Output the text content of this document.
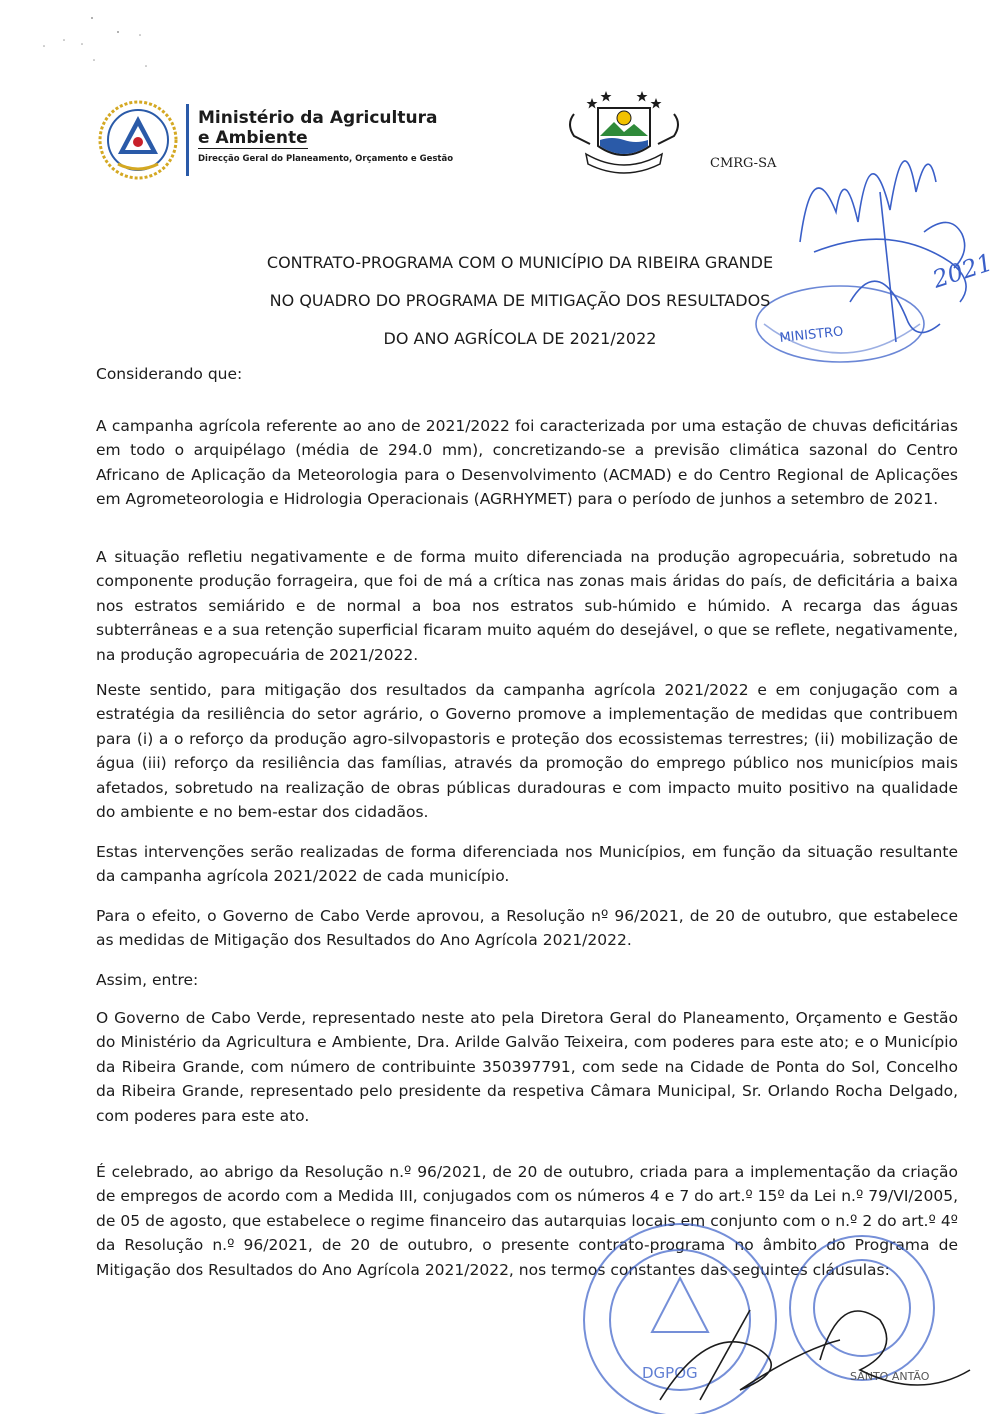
Ministério da Agricultura
e Ambiente
Direcção Geral do Planeamento, Orçamento e Gestão	CMRG-SA
MINISTRO
2021
CONTRATO-PROGRAMA COM O MUNICÍPIO DA RIBEIRA GRANDE
NO QUADRO DO PROGRAMA DE MITIGAÇÃO DOS RESULTADOS
DO ANO AGRÍCOLA DE 2021/2022

Considerando que:

A campanha agrícola referente ao ano de 2021/2022 foi caracterizada por uma estação de chuvas deficitárias em todo o arquipélago (média de 294.0 mm), concretizando-se a previsão climática sazonal do Centro Africano de Aplicação da Meteorologia para o Desenvolvimento (ACMAD) e do Centro Regional de Aplicações em Agrometeorologia e Hidrologia Operacionais (AGRHYMET) para o período de junhos a setembro de 2021.

A situação refletiu negativamente e de forma muito diferenciada na produção agropecuária, sobretudo na componente produção forrageira, que foi de má a crítica nas zonas mais áridas do país, de deficitária a baixa nos estratos semiárido e de normal a boa nos estratos sub-húmido e húmido. A recarga das águas subterrâneas e a sua retenção superficial ficaram muito aquém do desejável, o que se reflete, negativamente, na produção agropecuária de 2021/2022.

Neste sentido, para mitigação dos resultados da campanha agrícola 2021/2022 e em conjugação com a estratégia da resiliência do setor agrário, o Governo promove a implementação de medidas que contribuem para (i) a o reforço da produção agro-silvopastoris e proteção dos ecossistemas terrestres; (ii) mobilização de água (iii) reforço da resiliência das famílias, através da promoção do emprego público nos municípios mais afetados, sobretudo na realização de obras públicas duradouras e com impacto muito positivo na qualidade do ambiente e no bem-estar dos cidadãos.

Estas intervenções serão realizadas de forma diferenciada nos Municípios, em função da situação resultante da campanha agrícola 2021/2022 de cada município.

Para o efeito, o Governo de Cabo Verde aprovou, a Resolução nº 96/2021, de 20 de outubro, que estabelece as medidas de Mitigação dos Resultados do Ano Agrícola 2021/2022.

Assim, entre:

O Governo de Cabo Verde, representado neste ato pela Diretora Geral do Planeamento, Orçamento e Gestão do Ministério da Agricultura e Ambiente, Dra. Arilde Galvão Teixeira, com poderes para este ato; e o Município da Ribeira Grande, com número de contribuinte 350397791, com sede na Cidade de Ponta do Sol, Concelho da Ribeira Grande, representado pelo presidente da respetiva Câmara Municipal, Sr. Orlando Rocha Delgado, com poderes para este ato.

É celebrado, ao abrigo da Resolução n.º 96/2021, de 20 de outubro, criada para a implementação da criação de empregos de acordo com a Medida III, conjugados com os números 4 e 7 do art.º 15º da Lei n.º 79/VI/2005, de 05 de agosto, que estabelece o regime financeiro das autarquias locais em conjunto com o n.º 2 do art.º 4º da Resolução n.º 96/2021, de 20 de outubro, o presente contrato-programa no âmbito do Programa de Mitigação dos Resultados do Ano Agrícola 2021/2022, nos termos constantes das seguintes cláusulas:

DGPOG	SANTO ANTÃO
